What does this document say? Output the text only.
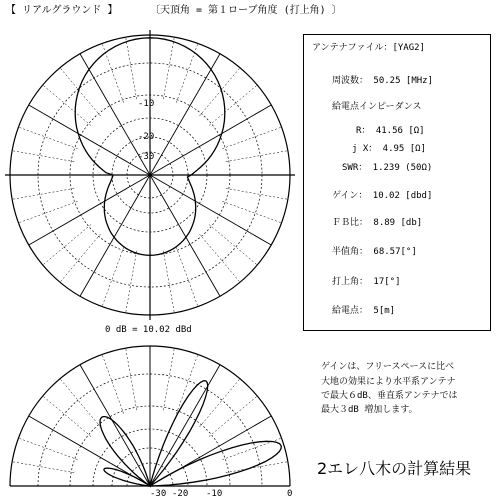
【 リアルグラウンド 】	〔天頂角 = 第１ローブ角度 (打上角) 〕
-10
-20
-30
0 dB = 10.02 dBd
アンテナファイル：[YAG2]
周波数： 50.25 [MHz]
給電点インピーダンス
R： 41.56 [Ω]
j X： 4.95 [Ω]
SWR： 1.239 (50Ω)
ゲイン： 10.02 [dbd]
ＦＢ比： 8.89 [db]
半值角： 68.57[°]
打上角： 17[°]
給電点： 5[m]
-30 -20 -10	0
ゲインは、フリースペースに比べ
大地の効果により水平系アンテナ
で最大６dB、垂直系アンテナでは
最大３dB 増加します。
2エレ八木の計算結果
